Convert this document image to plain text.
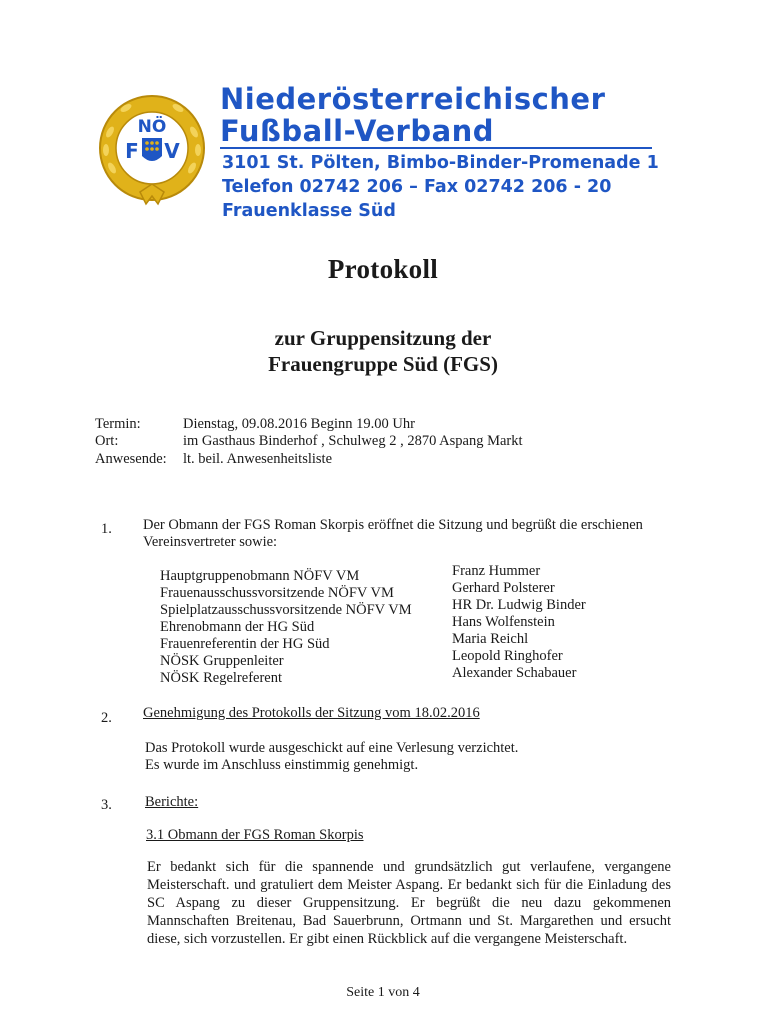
NÖ
F V
Niederösterreichischer
Fußball-Verband
3101 St. Pölten, Bimbo-Binder-Promenade 1
Telefon 02742 206 – Fax 02742 206 - 20
Frauenklasse Süd
Protokoll
zur Gruppensitzung der
Frauengruppe Süd (FGS)
Termin:	Dienstag, 09.08.2016 Beginn 19.00 Uhr
Ort:	im Gasthaus Binderhof , Schulweg 2 , 2870 Aspang Markt
Anwesende: lt. beil. Anwesenheitsliste
1. Der Obmann der FGS Roman Skorpis eröffnet die Sitzung und begrüßt die erschienen
Vereinsvertreter sowie:
Hauptgruppenobmann NÖFV VM	Franz Hummer
Frauenausschussvorsitzende NÖFV VM	Gerhard Polsterer
Spielplatzausschussvorsitzende NÖFV VM	HR Dr. Ludwig Binder
Ehrenobmann der HG Süd	Hans Wolfenstein
Frauenreferentin der HG Süd	Maria Reichl
NÖSK Gruppenleiter	Leopold Ringhofer
NÖSK Regelreferent	Alexander Schabauer
2. Genehmigung des Protokolls der Sitzung vom 18.02.2016
Das Protokoll wurde ausgeschickt auf eine Verlesung verzichtet.
Es wurde im Anschluss einstimmig genehmigt.
3. Berichte:
3.1 Obmann der FGS Roman Skorpis
Er bedankt sich für die spannende und grundsätzlich gut verlaufene, vergangene Meisterschaft. und gratuliert dem Meister Aspang. Er bedankt sich für die Einladung des SC Aspang zu dieser Gruppensitzung. Er begrüßt die neu dazu gekommenen Mannschaften Breitenau, Bad Sauerbrunn, Ortmann und St. Margarethen und ersucht diese, sich vorzustellen. Er gibt einen Rückblick auf die vergangene Meisterschaft.
Seite 1 von 4
